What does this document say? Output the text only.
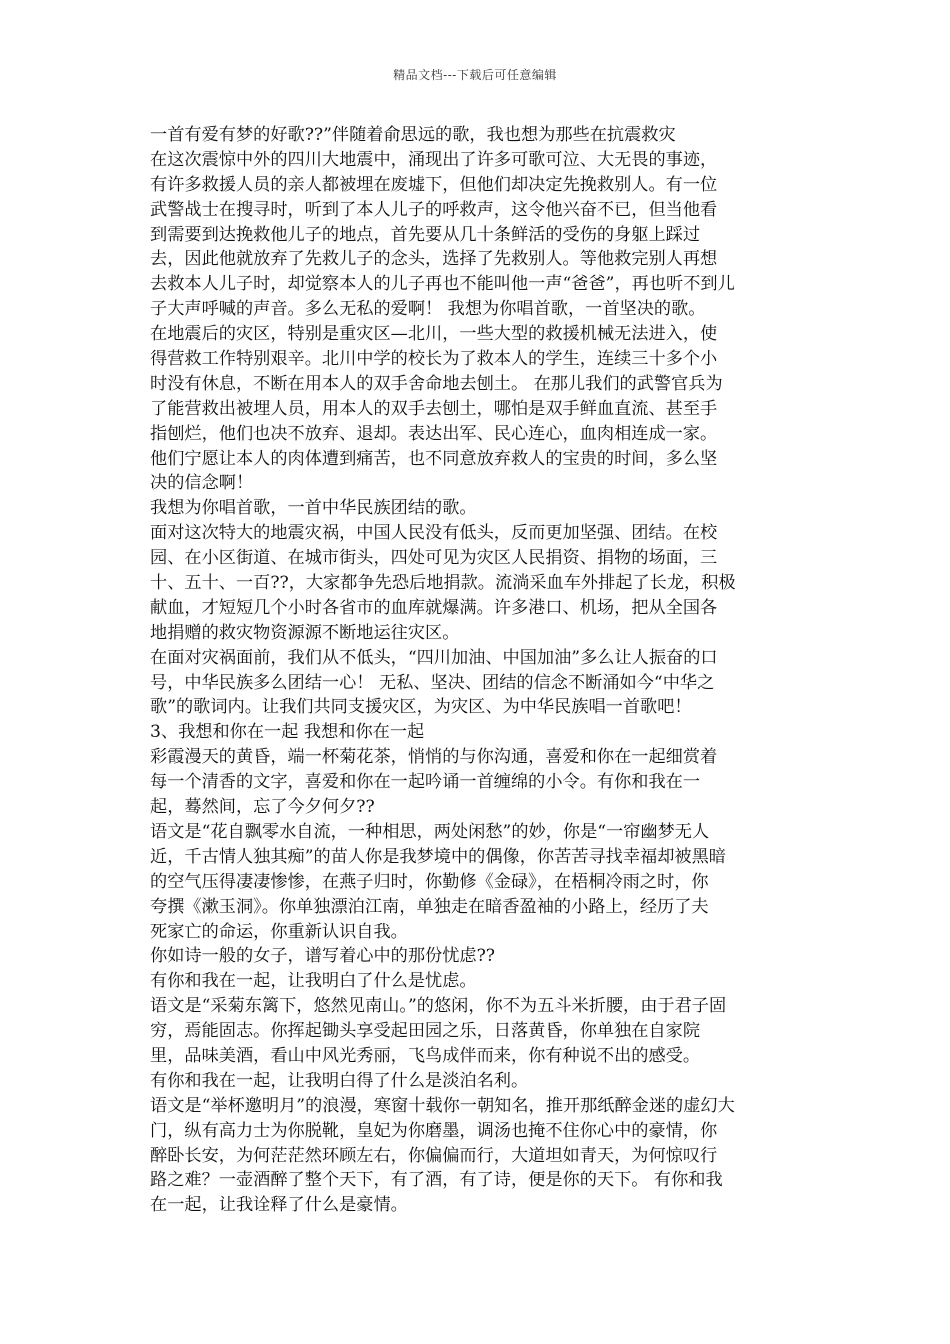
精品文档---下载后可任意编辑
一首有爱有梦的好歌??”伴随着俞思远的歌，我也想为那些在抗震救灾
在这次震惊中外的四川大地震中，涌现出了许多可歌可泣、大无畏的事迹，
有许多救援人员的亲人都被埋在废墟下，但他们却决定先挽救别人。有一位
武警战士在搜寻时，听到了本人儿子的呼救声，这令他兴奋不已，但当他看
到需要到达挽救他儿子的地点，首先要从几十条鲜活的受伤的身躯上踩过
去，因此他就放弃了先救儿子的念头，选择了先救别人。等他救完别人再想
去救本人儿子时，却觉察本人的儿子再也不能叫他一声“爸爸”，再也听不到儿
子大声呼喊的声音。多么无私的爱啊！ 我想为你唱首歌，一首坚决的歌。
在地震后的灾区，特别是重灾区—北川，一些大型的救援机械无法进入，使
得营救工作特别艰辛。北川中学的校长为了救本人的学生，连续三十多个小
时没有休息，不断在用本人的双手舍命地去刨土。 在那儿我们的武警官兵为
了能营救出被埋人员，用本人的双手去刨土，哪怕是双手鲜血直流、甚至手
指刨烂，他们也决不放弃、退却。表达出军、民心连心，血肉相连成一家。
他们宁愿让本人的肉体遭到痛苦，也不同意放弃救人的宝贵的时间，多么坚
决的信念啊！
我想为你唱首歌，一首中华民族团结的歌。
面对这次特大的地震灾祸，中国人民没有低头，反而更加坚强、团结。在校
园、在小区街道、在城市街头，四处可见为灾区人民捐资、捐物的场面，三
十、五十、一百??，大家都争先恐后地捐款。流淌采血车外排起了长龙，积极
献血，才短短几个小时各省市的血库就爆满。许多港口、机场，把从全国各
地捐赠的救灾物资源源不断地运往灾区。
在面对灾祸面前，我们从不低头，“四川加油、中国加油”多么让人振奋的口
号，中华民族多么团结一心！ 无私、坚决、团结的信念不断涌如今“中华之
歌”的歌词内。让我们共同支援灾区，为灾区、为中华民族唱一首歌吧！
3、我想和你在一起 我想和你在一起
彩霞漫天的黄昏，端一杯菊花茶，悄悄的与你沟通，喜爱和你在一起细赏着
每一个清香的文字，喜爱和你在一起吟诵一首缠绵的小令。有你和我在一
起，蓦然间，忘了今夕何夕??
语文是“花自飘零水自流，一种相思，两处闲愁”的妙，你是“一帘幽梦无人
近，千古情人独其痴”的苗人你是我梦境中的偶像，你苦苦寻找幸福却被黑暗
的空气压得凄凄惨惨，在燕子归时，你勤修《金碌》，在梧桐冷雨之时，你
夸撰《漱玉洞》。你单独漂泊江南，单独走在暗香盈袖的小路上，经历了夫
死家亡的命运，你重新认识自我。
你如诗一般的女子，谱写着心中的那份忧虑??
有你和我在一起，让我明白了什么是忧虑。
语文是“采菊东篱下，悠然见南山。”的悠闲，你不为五斗米折腰，由于君子固
穷，焉能固志。你挥起锄头享受起田园之乐，日落黄昏，你单独在自家院
里，品味美酒，看山中风光秀丽，飞鸟成伴而来，你有种说不出的感受。
有你和我在一起，让我明白得了什么是淡泊名利。
语文是“举杯邀明月”的浪漫，寒窗十载你一朝知名，推开那纸醉金迷的虚幻大
门，纵有高力士为你脱靴，皇妃为你磨墨，调汤也掩不住你心中的豪情，你
醉卧长安，为何茫茫然环顾左右，你偏偏而行，大道坦如青天，为何惊叹行
路之难？一壶酒醉了整个天下，有了酒，有了诗，便是你的天下。 有你和我
在一起，让我诠释了什么是豪情。
